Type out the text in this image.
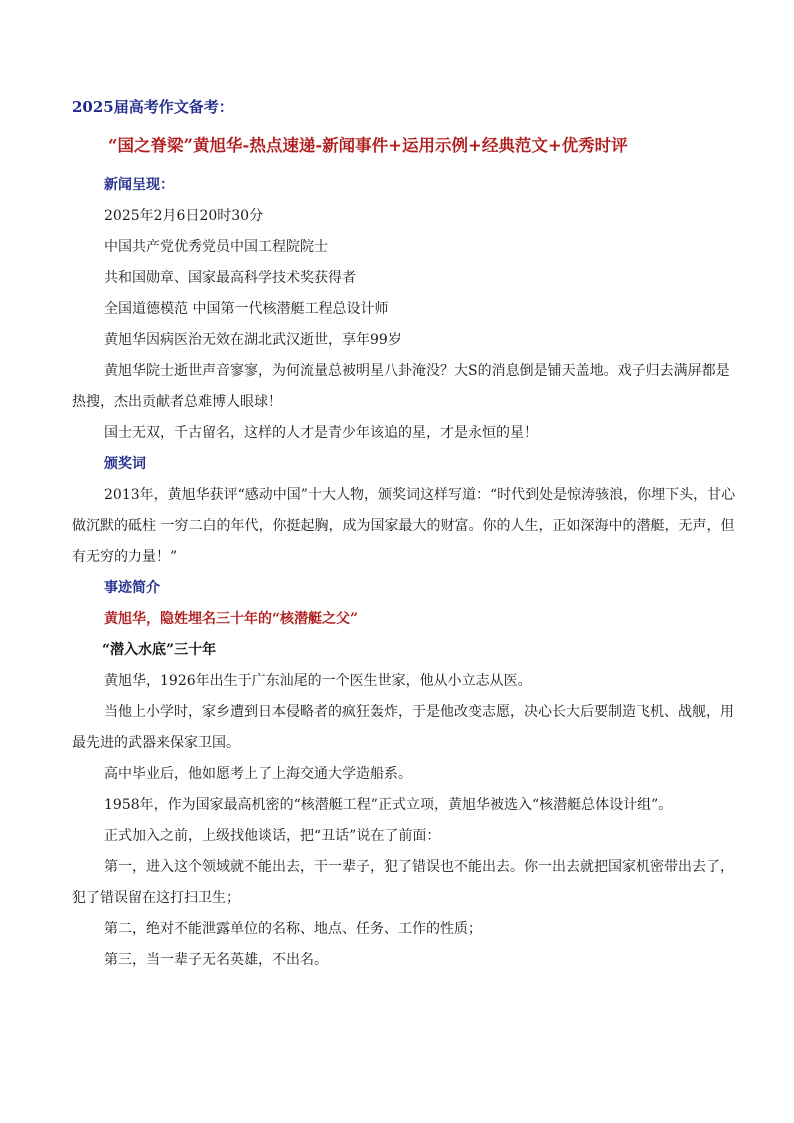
2025届高考作文备考：
“国之脊梁”黄旭华-热点速递-新闻事件+运用示例+经典范文+优秀时评

新闻呈现：

2025年2月6日20时30分

中国共产党优秀党员中国工程院院士

共和国勋章、国家最高科学技术奖获得者

全国道德模范 中国第一代核潜艇工程总设计师

黄旭华因病医治无效在湖北武汉逝世，享年99岁

黄旭华院士逝世声音寥寥，为何流量总被明星八卦淹没？大S的消息倒是铺天盖地。戏子归去满屏都是热搜，杰出贡献者总难博人眼球！

国士无双，千古留名，这样的人才是青少年该追的星，才是永恒的星！

颁奖词

2013年，黄旭华获评“感动中国”十大人物，颁奖词这样写道：“时代到处是惊涛骇浪，你埋下头，甘心做沉默的砥柱 一穷二白的年代，你挺起胸，成为国家最大的财富。你的人生，正如深海中的潜艇，无声，但有无穷的力量！”

事迹简介

黄旭华，隐姓埋名三十年的“核潜艇之父”

“潜入水底”三十年

黄旭华，1926年出生于广东汕尾的一个医生世家，他从小立志从医。

当他上小学时，家乡遭到日本侵略者的疯狂轰炸，于是他改变志愿，决心长大后要制造飞机、战舰，用最先进的武器来保家卫国。

高中毕业后，他如愿考上了上海交通大学造船系。

1958年，作为国家最高机密的“核潜艇工程”正式立项，黄旭华被选入“核潜艇总体设计组”。

正式加入之前，上级找他谈话，把“丑话”说在了前面：

第一，进入这个领域就不能出去，干一辈子，犯了错误也不能出去。你一出去就把国家机密带出去了，犯了错误留在这打扫卫生；

第二，绝对不能泄露单位的名称、地点、任务、工作的性质；

第三，当一辈子无名英雄，不出名。
